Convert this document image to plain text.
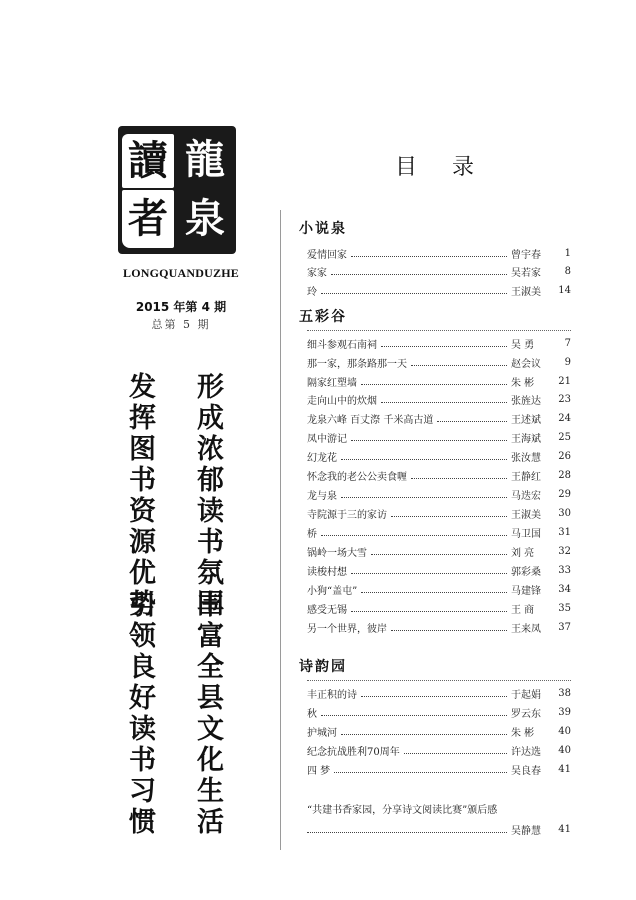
讀
者
龍
泉
LONGQUANDUZHE
2015 年第 4 期
总第 5 期
形成浓郁读书氛围
发挥图书资源优势
丰富全县文化生活
引领良好读书习惯
目 录
小说泉
爱情回家	曾宇春	1
家家	吴若家	8
玲	王淑美	14
五彩谷
细斗参观石南祠	吴 勇	7
那一家，那条路那一天	赵会议	9
隔家红塑墙	朱 彬	21
走向山中的炊烟	张旌达	23
龙泉六峰 百丈漈 千米高古道	王述斌	24
凤中游记	王海斌	25
幻龙花	张汝慧	26
怀念我的老公公卖食喱	王静红	28
龙与泉	马迭宏	29
寺院源于三的家访	王淑美	30
桥	马卫国	31
锅岭一场大雪	刘 亮	32
读梭村想	郭彩桑	33
小狗“盖屯”	马建锋	34
感受无锡	王 商	35
另一个世界，彼岸	王来凤	37
诗韵园
丰正积的诗	于起娟	38
秋	罗云东	39
护城河	朱 彬	40
纪念抗战胜利70周年	许达选	40
四 梦	吴良春	41
“共建书香家园，分享诗文阅读比赛”颁后感
吴静慧	41
